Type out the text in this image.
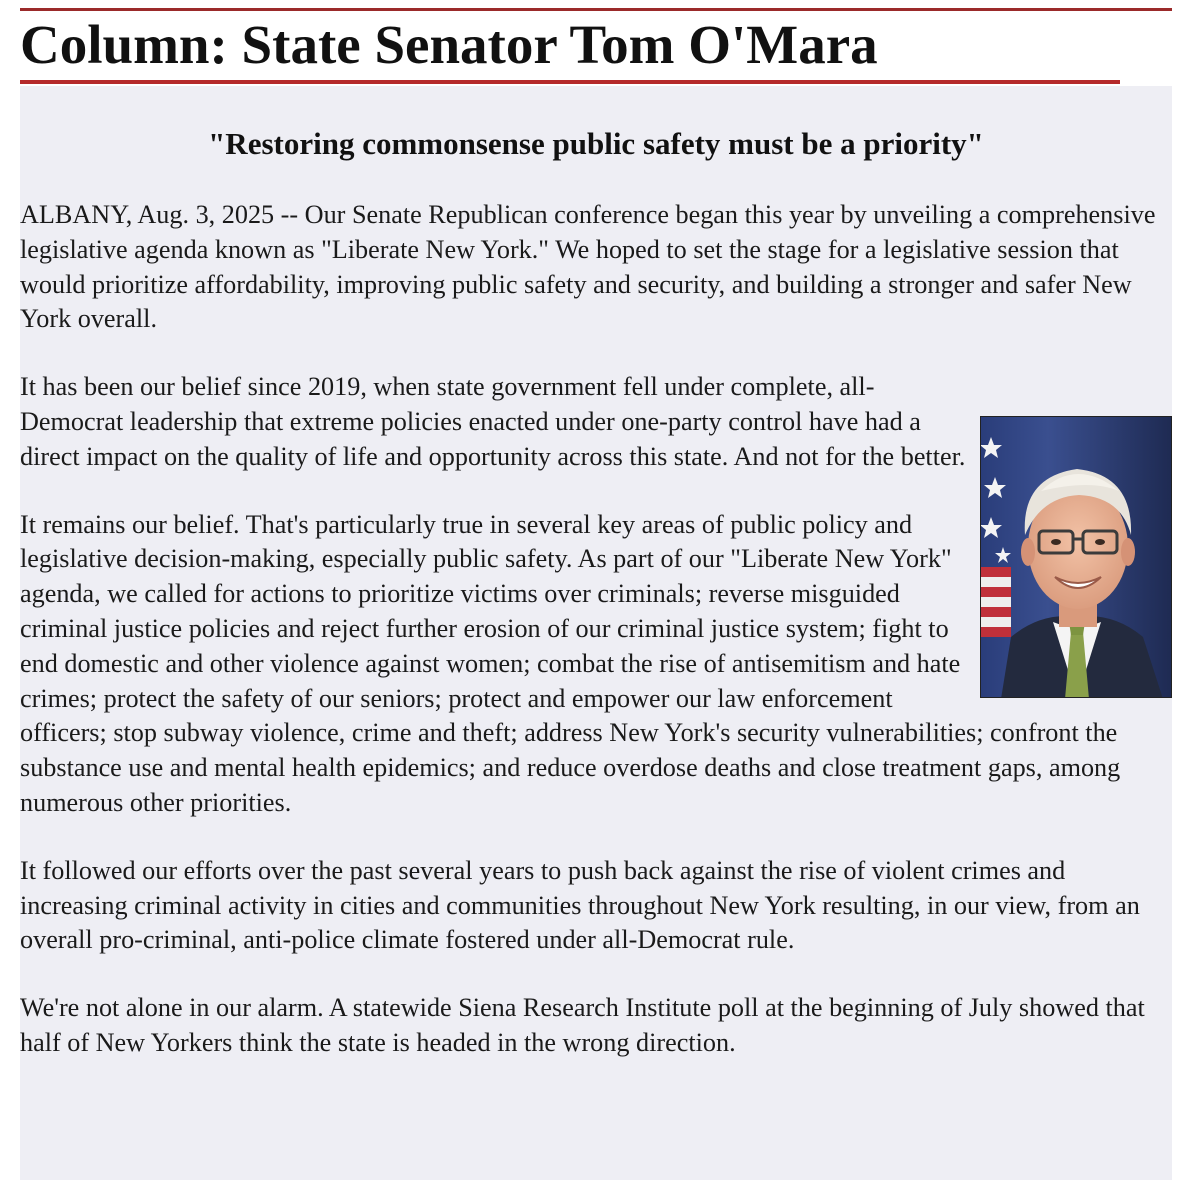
Column: State Senator Tom O'Mara
"Restoring commonsense public safety must be a priority"

ALBANY, Aug. 3, 2025 -- Our Senate Republican conference began this year by unveiling a comprehensive legislative agenda known as "Liberate New York." We hoped to set the stage for a legislative session that would prioritize affordability, improving public safety and security, and building a stronger and safer New York overall.

It has been our belief since 2019, when state government fell under complete, all-Democrat leadership that extreme policies enacted under one-party control have had a direct impact on the quality of life and opportunity across this state. And not for the better.

It remains our belief. That's particularly true in several key areas of public policy and legislative decision-making, especially public safety. As part of our "Liberate New York" agenda, we called for actions to prioritize victims over criminals; reverse misguided criminal justice policies and reject further erosion of our criminal justice system; fight to end domestic and other violence against women; combat the rise of antisemitism and hate crimes; protect the safety of our seniors; protect and empower our law enforcement officers; stop subway violence, crime and theft; address New York's security vulnerabilities; confront the substance use and mental health epidemics; and reduce overdose deaths and close treatment gaps, among numerous other priorities.

It followed our efforts over the past several years to push back against the rise of violent crimes and increasing criminal activity in cities and communities throughout New York resulting, in our view, from an overall pro-criminal, anti-police climate fostered under all-Democrat rule.

We're not alone in our alarm. A statewide Siena Research Institute poll at the beginning of July showed that half of New Yorkers think the state is headed in the wrong direction.
